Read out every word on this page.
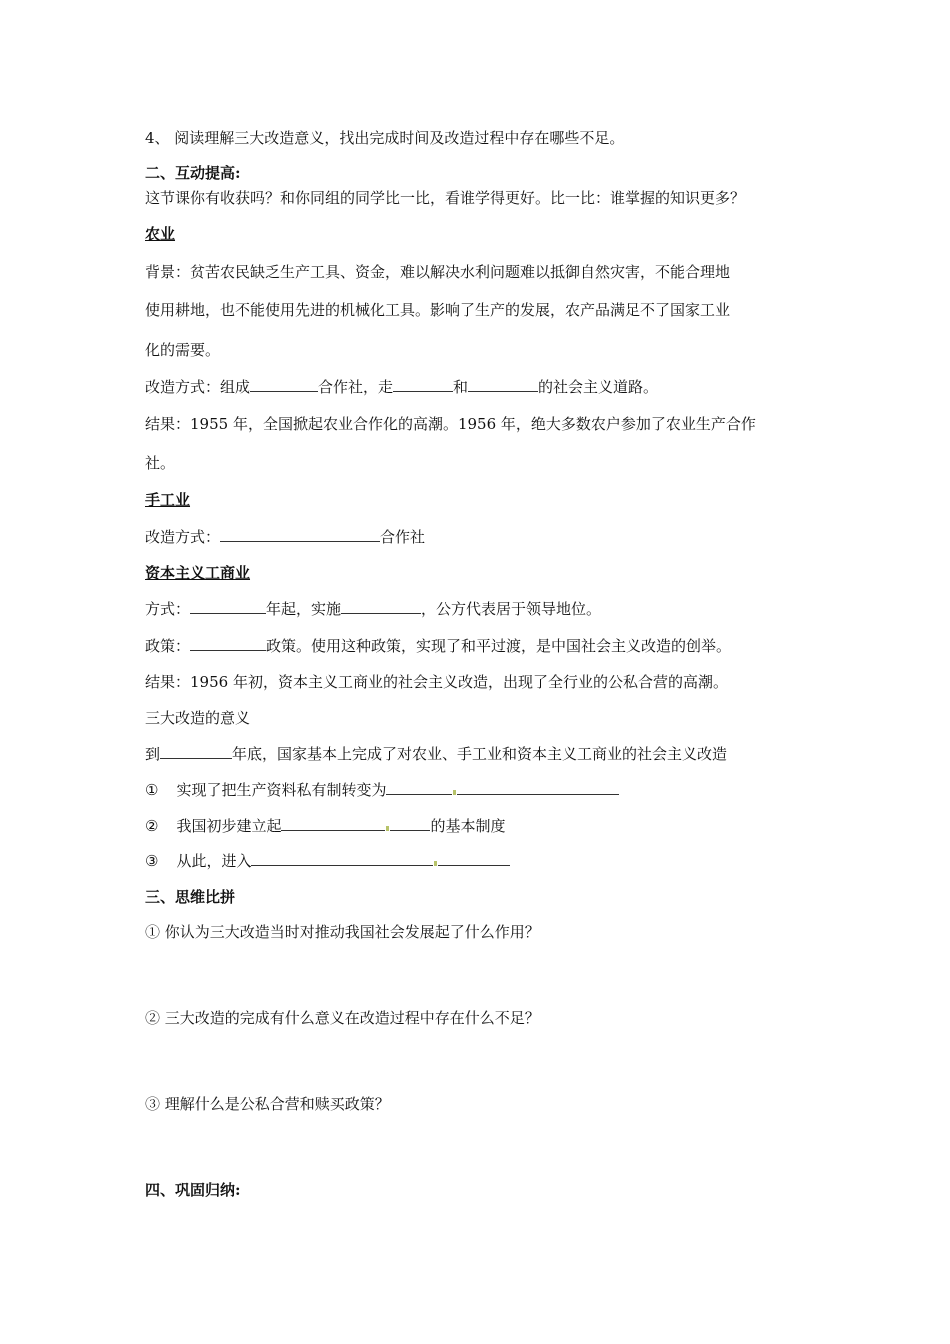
4、 阅读理解三大改造意义，找出完成时间及改造过程中存在哪些不足。
二、互动提高:
这节课你有收获吗？和你同组的同学比一比，看谁学得更好。比一比：谁掌握的知识更多？
农业
背景：贫苦农民缺乏生产工具、资金，难以解决水利问题难以抵御自然灾害，不能合理地
使用耕地，也不能使用先进的机械化工具。影响了生产的发展，农产品满足不了国家工业
化的需要。
改造方式：组成	合作社，走	和	的社会主义道路。
结果：1955 年，全国掀起农业合作化的高潮。1956 年，绝大多数农户参加了农业生产合作
社。
手工业
改造方式：	合作社
资本主义工商业
方式：	年起，实施	，公方代表居于领导地位。
政策：	政策。使用这种政策，实现了和平过渡，是中国社会主义改造的创举。
结果：1956 年初，资本主义工商业的社会主义改造，出现了全行业的公私合营的高潮。
三大改造的意义
到	年底，国家基本上完成了对农业、手工业和资本主义工商业的社会主义改造
① 实现了把生产资料私有制转变为
② 我国初步建立起	的基本制度
③ 从此，进入
三、思维比拼
① 你认为三大改造当时对推动我国社会发展起了什么作用？
② 三大改造的完成有什么意义在改造过程中存在什么不足？
③ 理解什么是公私合营和赎买政策？
四、巩固归纳:
